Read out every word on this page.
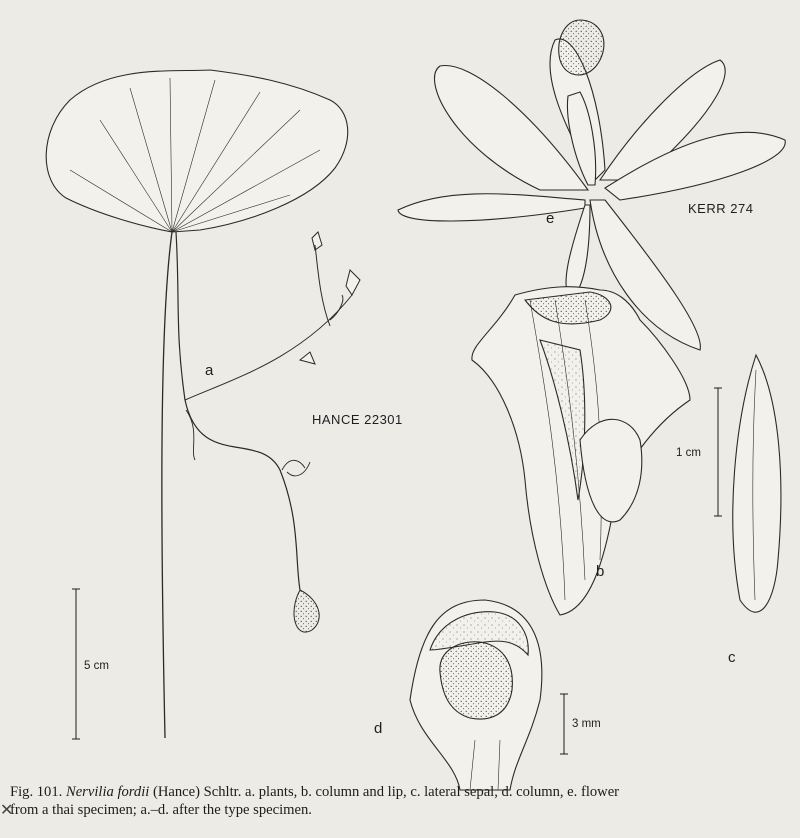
5 cm
1 cm
3 mm
HANCE 22301
KERR 274
a
b
c
d
e
Fig. 101. Nervilia fordii (Hance) Schltr. a. plants, b. column and lip, c. lateral sepal, d. column, e. flower
from a thai specimen; a.–d. after the type specimen.
✕
